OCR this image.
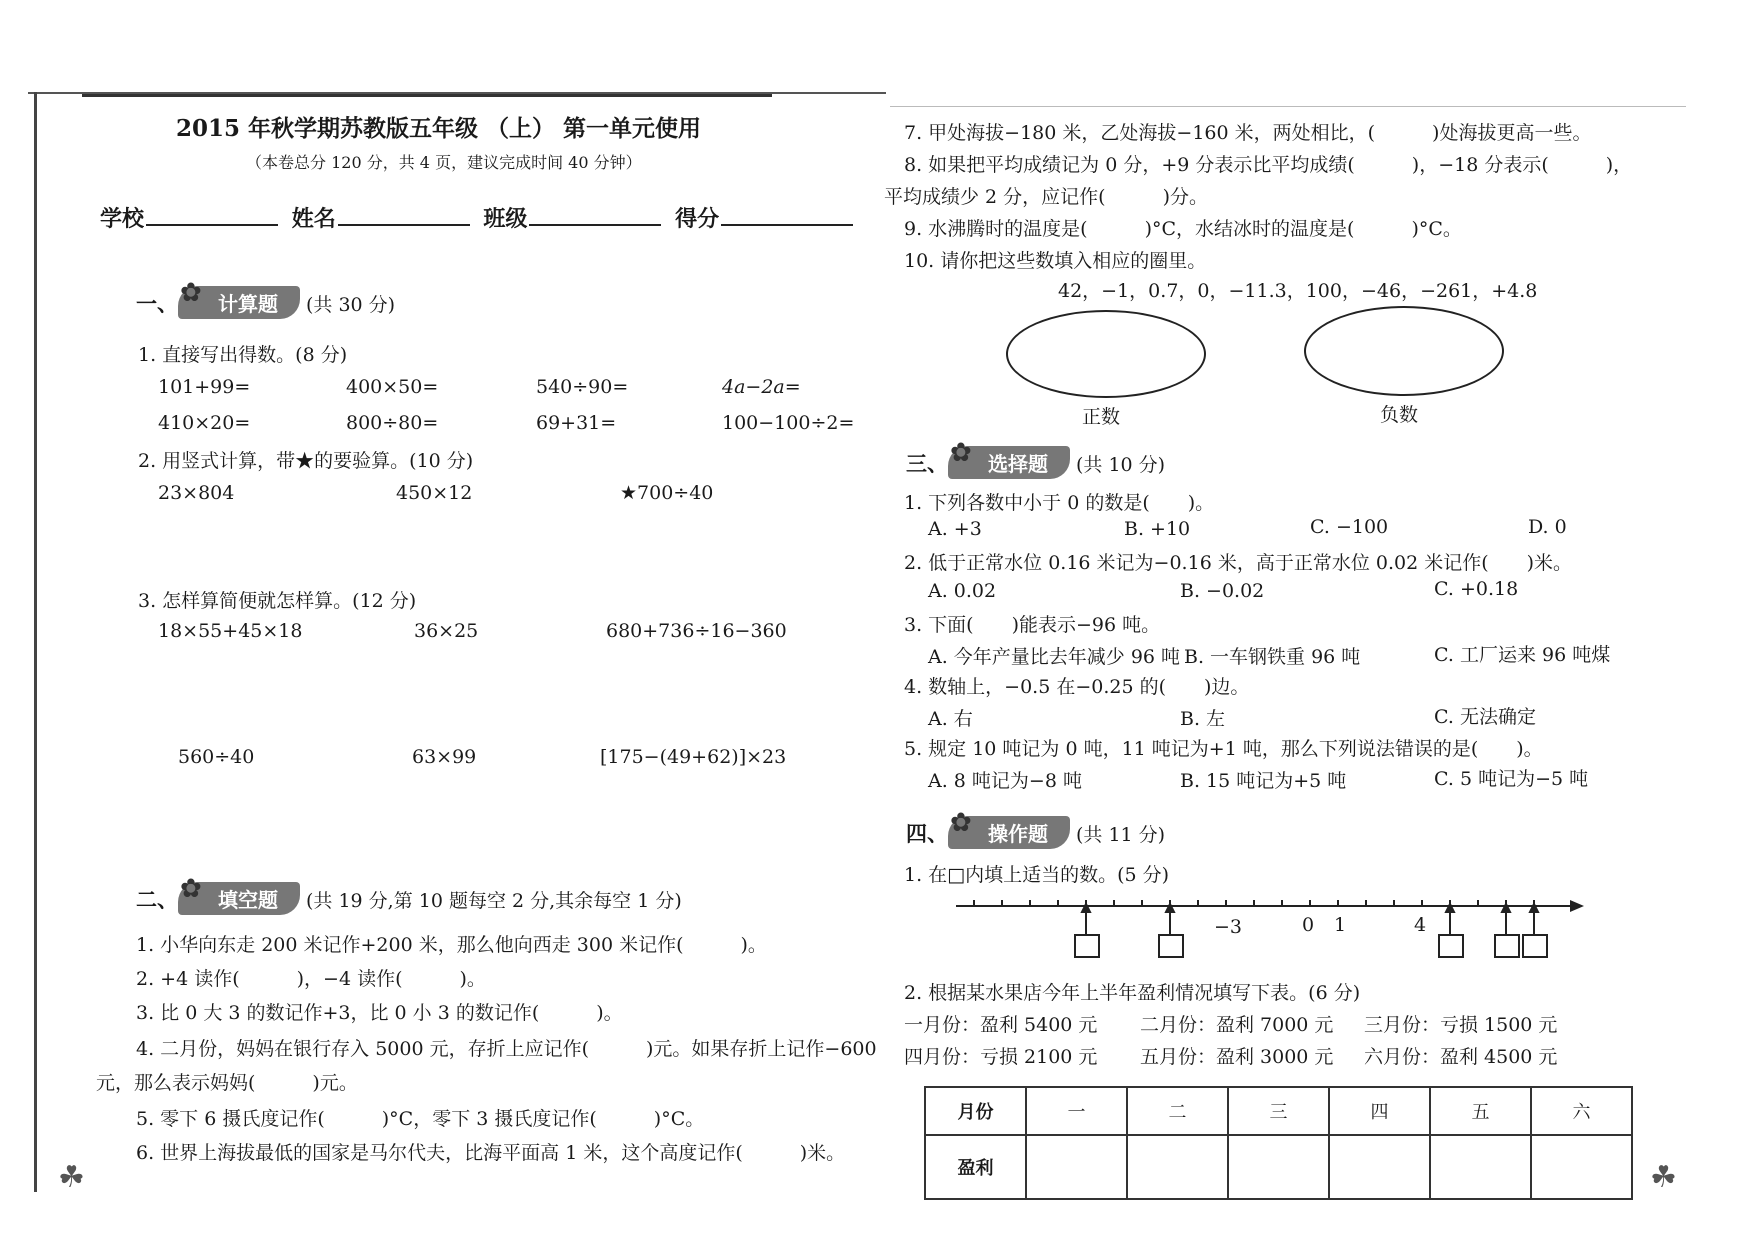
2015 年秋学期苏教版五年级 （上） 第一单元使用
（本卷总分 120 分，共 4 页，建议完成时间 40 分钟）
学校	姓名	班级	得分
一、 ✿ 计算题 (共 30 分)
1. 直接写出得数。(8 分)
101+99=	400×50=	540÷90=	4a−2a=
410×20=	800÷80=	69+31=	100−100÷2=
2. 用竖式计算，带★的要验算。(10 分)
23×804	450×12	★700÷40
3. 怎样算简便就怎样算。(12 分)
18×55+45×18	36×25	680+736÷16−360
560÷40	63×99	[175−(49+62)]×23
二、 ✿ 填空题 (共 19 分,第 10 题每空 2 分,其余每空 1 分)
1. 小华向东走 200 米记作+200 米，那么他向西走 300 米记作(　　　)。
2. +4 读作(　　　)，−4 读作(　　　)。
3. 比 0 大 3 的数记作+3，比 0 小 3 的数记作(　　　)。
4. 二月份，妈妈在银行存入 5000 元，存折上应记作(　　　)元。如果存折上记作−600
元，那么表示妈妈(　　　)元。
5. 零下 6 摄氏度记作(　　　)°C，零下 3 摄氏度记作(　　　)°C。
6. 世界上海拔最低的国家是马尔代夫，比海平面高 1 米，这个高度记作(　　　)米。
☘
7. 甲处海拔−180 米，乙处海拔−160 米，两处相比，(　　　)处海拔更高一些。
8. 如果把平均成绩记为 0 分，+9 分表示比平均成绩(　　　)，−18 分表示(　　　)，
平均成绩少 2 分，应记作(　　　)分。
9. 水沸腾时的温度是(　　　)°C，水结冰时的温度是(　　　)°C。
10. 请你把这些数填入相应的圈里。
42，−1，0.7，0，−11.3，100，−46，−261，+4.8
正数	负数
三、 ✿ 选择题 (共 10 分)
1. 下列各数中小于 0 的数是(　　)。
A. +3	B. +10	C. −100	D. 0
2. 低于正常水位 0.16 米记为−0.16 米，高于正常水位 0.02 米记作(　　)米。
A. 0.02	B. −0.02	C. +0.18
3. 下面(　　)能表示−96 吨。
A. 今年产量比去年减少 96 吨 B. 一车钢铁重 96 吨	C. 工厂运来 96 吨煤
4. 数轴上，−0.5 在−0.25 的(　　)边。
A. 右	B. 左	C. 无法确定
5. 规定 10 吨记为 0 吨，11 吨记为+1 吨，那么下列说法错误的是(　　)。
A. 8 吨记为−8 吨	B. 15 吨记为+5 吨	C. 5 吨记为−5 吨
四、 ✿ 操作题 (共 11 分)
1. 在□内填上适当的数。(5 分)
−3	0 1	4
2. 根据某水果店今年上半年盈利情况填写下表。(6 分)
一月份：盈利 5400 元 二月份：盈利 7000 元 三月份：亏损 1500 元
四月份：亏损 2100 元 五月份：盈利 3000 元 六月份：盈利 4500 元
月份	一	二	三	四	五	六
盈利							☘
